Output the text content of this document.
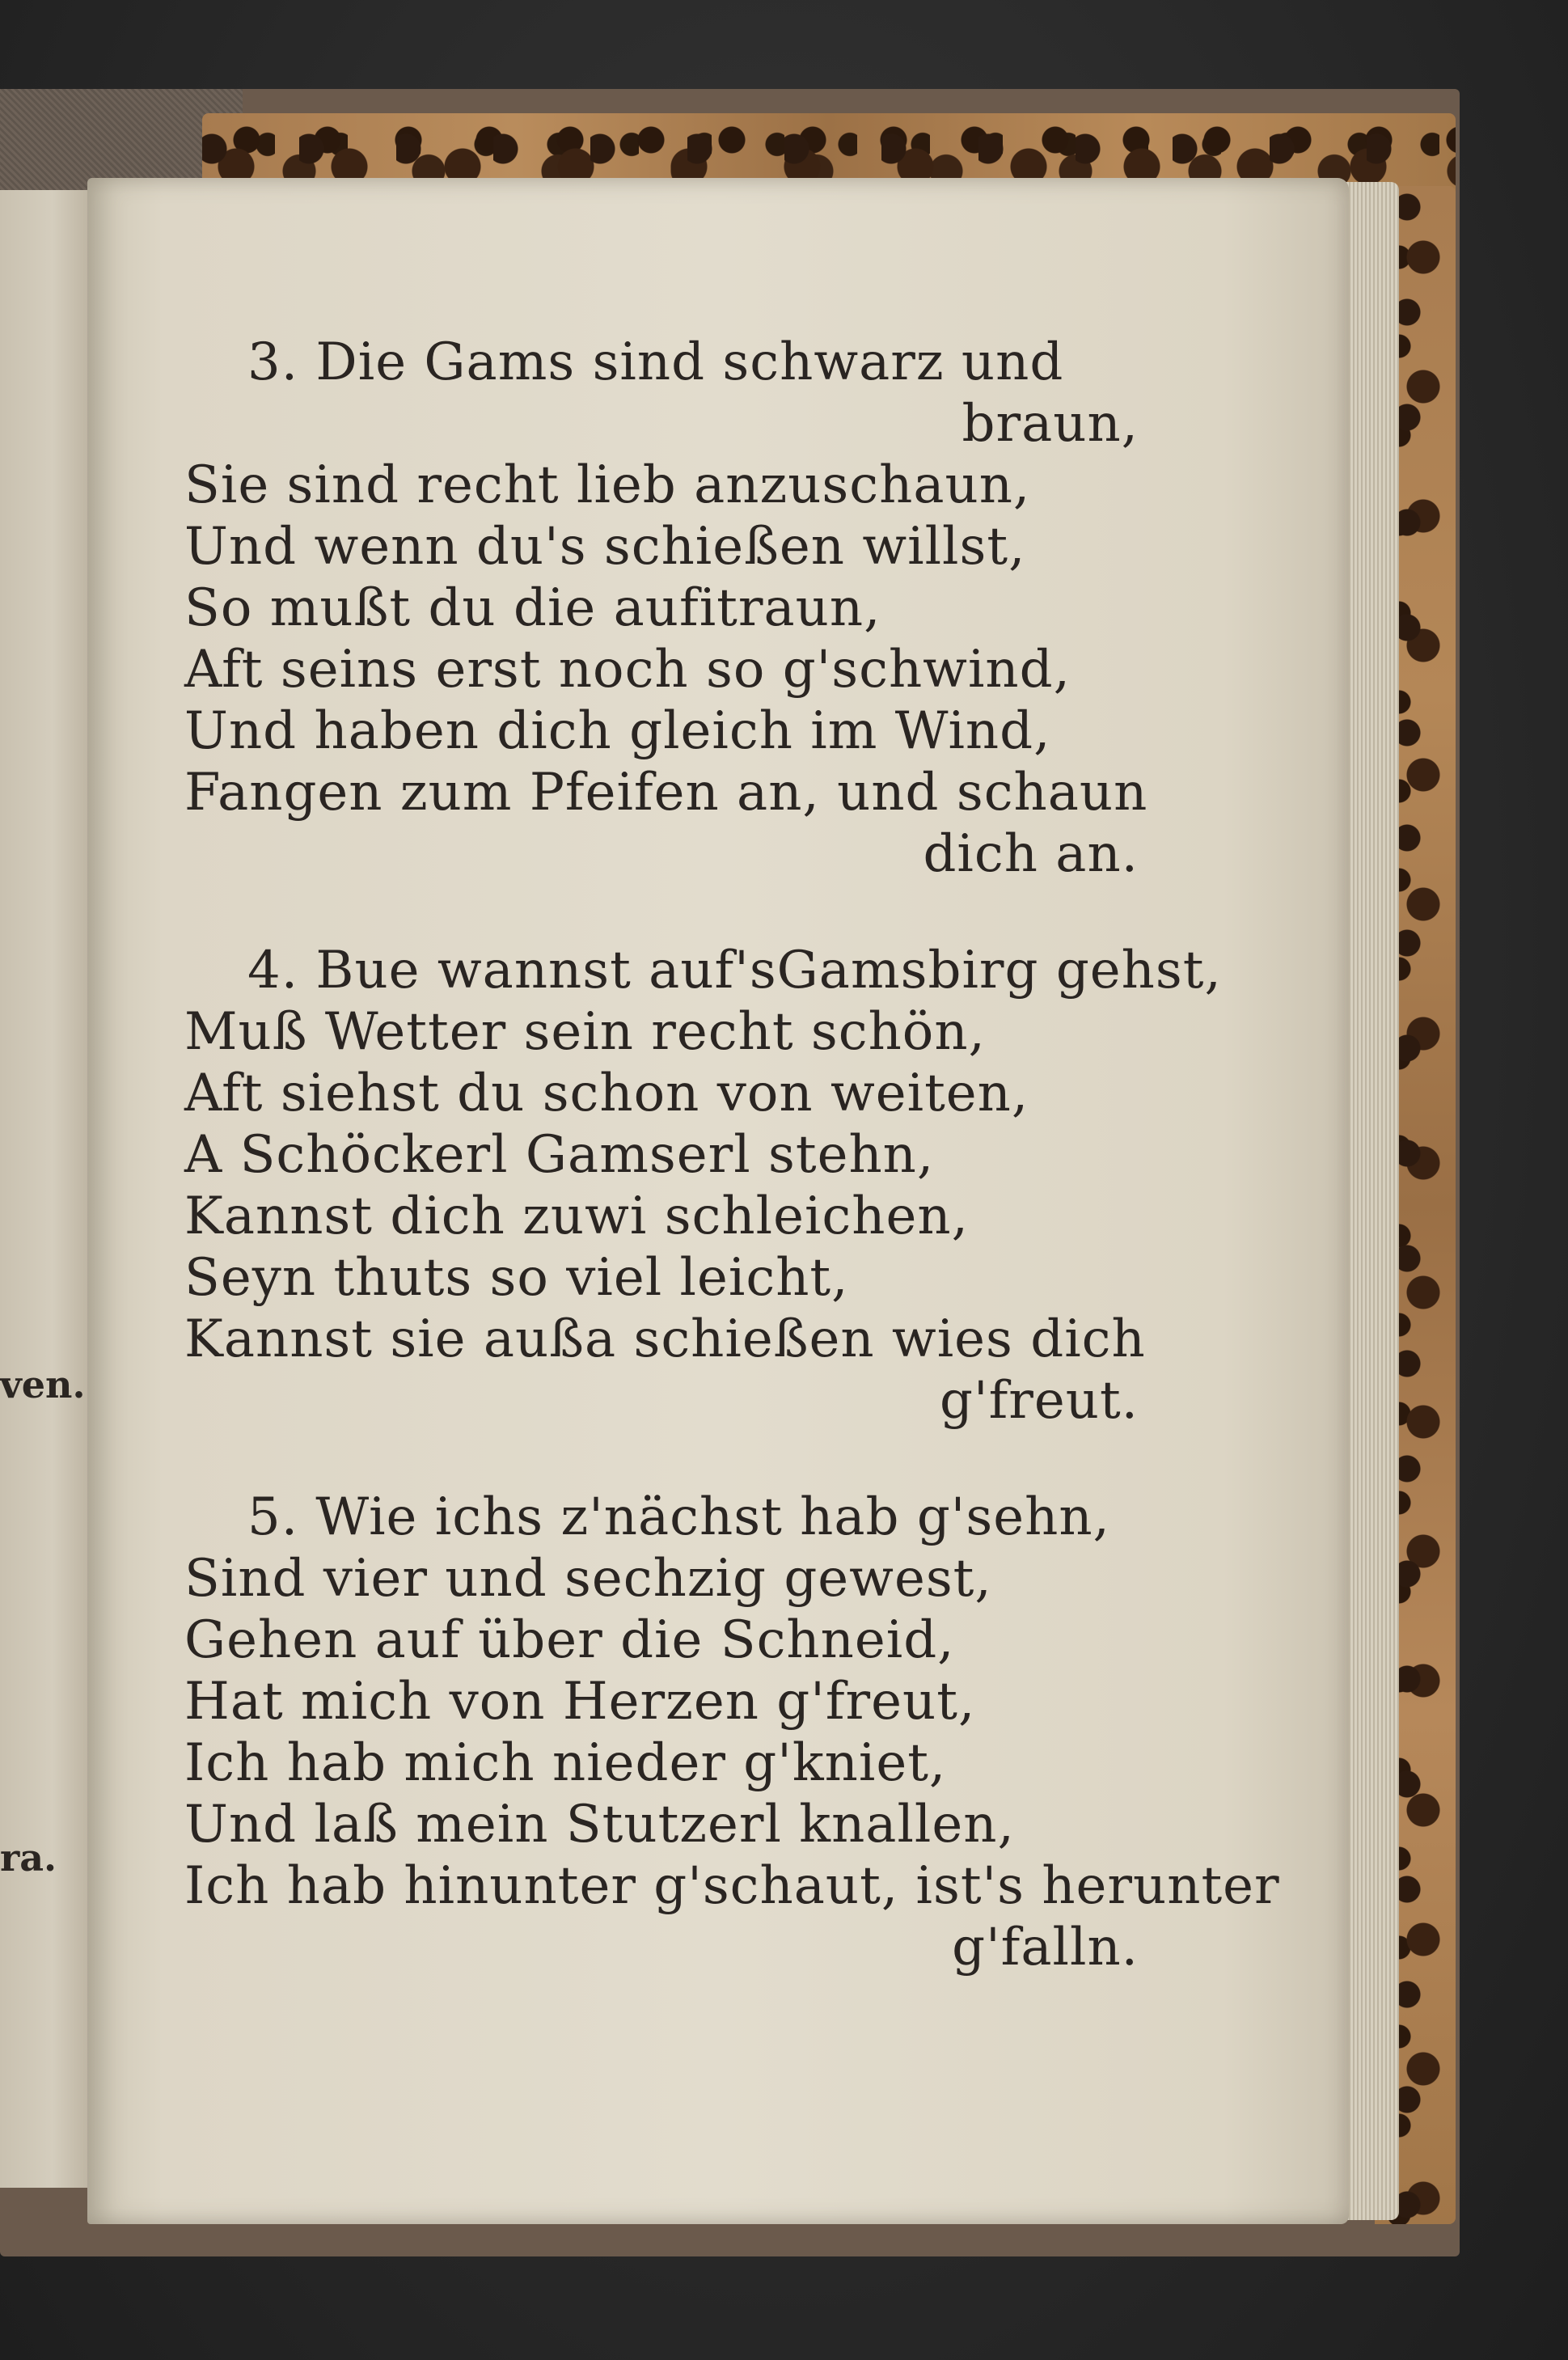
ven.
ra.
3. Die Gams sind schwarz und
braun,
Sie sind recht lieb anzuschaun,
Und wenn du's schießen willst,
So mußt du die aufitraun,
Aft seins erst noch so g'schwind,
Und haben dich gleich im Wind,
Fangen zum Pfeifen an, und schaun
dich an.
4. Bue wannst auf'sGamsbirg gehst,
Muß Wetter sein recht schön,
Aft siehst du schon von weiten,
A Schöckerl Gamserl stehn,
Kannst dich zuwi schleichen,
Seyn thuts so viel leicht,
Kannst sie außa schießen wies dich
g'freut.
5. Wie ichs z'nächst hab g'sehn,
Sind vier und sechzig gewest,
Gehen auf über die Schneid,
Hat mich von Herzen g'freut,
Ich hab mich nieder g'kniet,
Und laß mein Stutzerl knallen,
Ich hab hinunter g'schaut, ist's herunter
g'falln.
